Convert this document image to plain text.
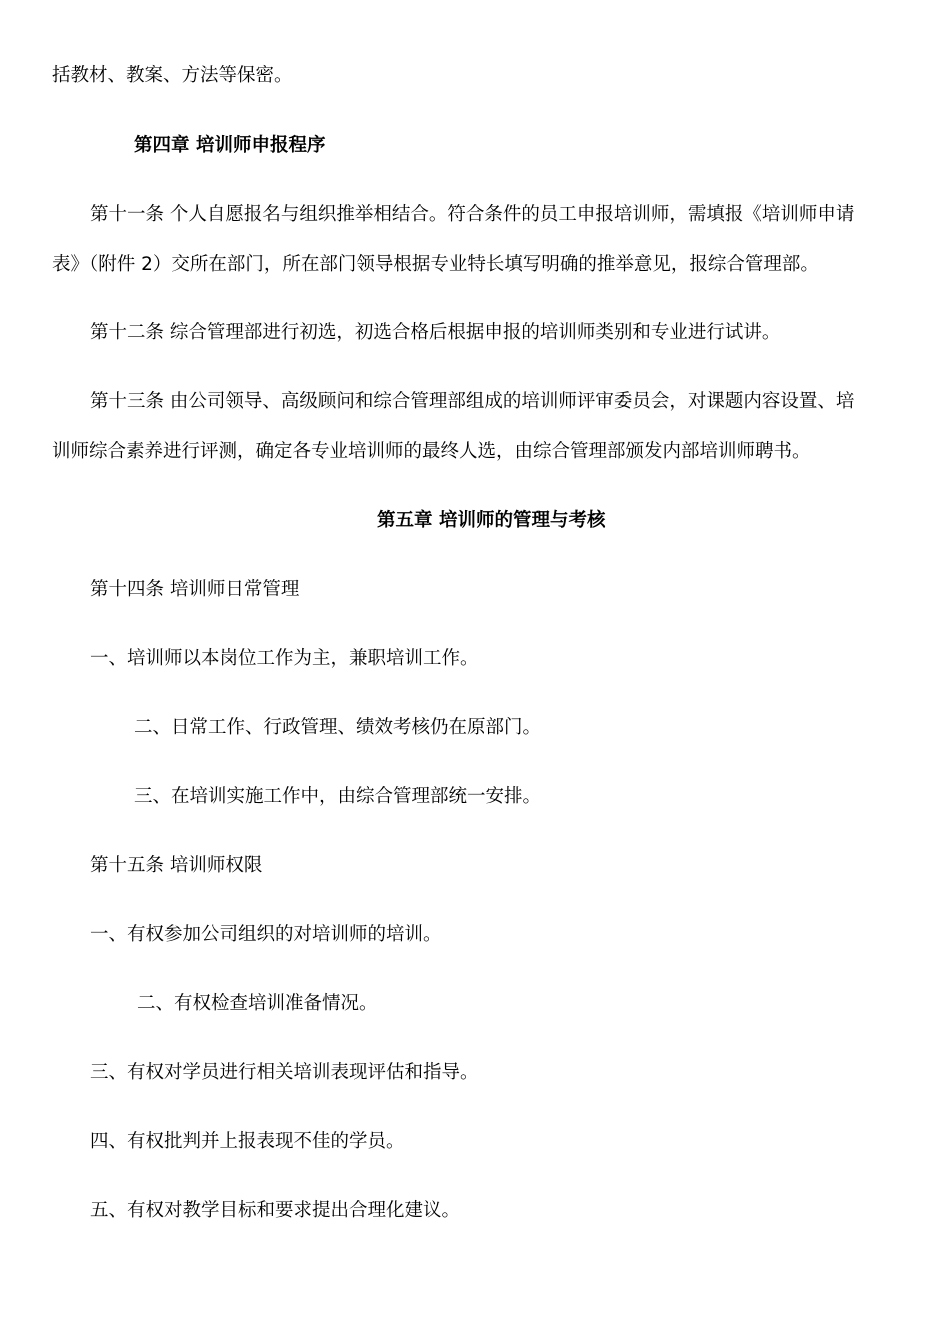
括教材、教案、方法等保密。
第四章 培训师申报程序
第十一条 个人自愿报名与组织推举相结合。符合条件的员工申报培训师，需填报《培训师申请
表》（附件 2）交所在部门，所在部门领导根据专业特长填写明确的推举意见，报综合管理部。
第十二条 综合管理部进行初选，初选合格后根据申报的培训师类别和专业进行试讲。
第十三条 由公司领导、高级顾问和综合管理部组成的培训师评审委员会，对课题内容设置、培
训师综合素养进行评测，确定各专业培训师的最终人选，由综合管理部颁发内部培训师聘书。
第五章 培训师的管理与考核
第十四条 培训师日常管理
一、培训师以本岗位工作为主，兼职培训工作。
二、日常工作、行政管理、绩效考核仍在原部门。
三、在培训实施工作中，由综合管理部统一安排。
第十五条 培训师权限
一、有权参加公司组织的对培训师的培训。
二、有权检查培训准备情况。
三、有权对学员进行相关培训表现评估和指导。
四、有权批判并上报表现不佳的学员。
五、有权对教学目标和要求提出合理化建议。
